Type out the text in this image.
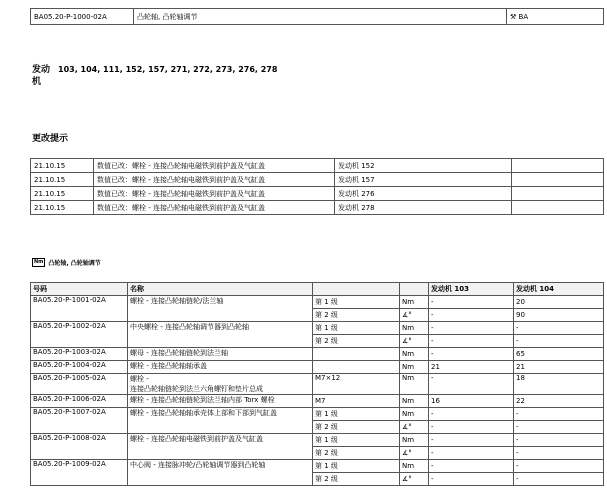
BA05.20-P-1000-02A	凸轮轴, 凸轮轴调节	⚒ BA
发动机
103, 104, 111, 152, 157, 271, 272, 273, 276, 278
更改提示
21.10.15	数值已改：螺栓 - 连接凸轮轴电磁铁到前护盖及气缸盖	发动机 152	
21.10.15	数值已改：螺栓 - 连接凸轮轴电磁铁到前护盖及气缸盖	发动机 157	
21.10.15	数值已改：螺栓 - 连接凸轮轴电磁铁到前护盖及气缸盖	发动机 276	
21.10.15	数值已改：螺栓 - 连接凸轮轴电磁铁到前护盖及气缸盖	发动机 278	
Nm 凸轮轴, 凸轮轴调节
号码	名称			发动机 103	发动机 104
BA05.20-P-1001-02A	螺栓 - 连接凸轮轴链轮/法兰轴	第 1 级	Nm	-	20
		第 2 级	∡°	-	90
BA05.20-P-1002-02A	中央螺栓 - 连接凸轮轴调节器到凸轮轴	第 1 级	Nm	-	-
		第 2 级	∡°	-	-
BA05.20-P-1003-02A	螺母 - 连接凸轮轴链轮到法兰轴		Nm	-	65
BA05.20-P-1004-02A	螺栓 - 连接凸轮轴轴承盖		Nm	21	21
BA05.20-P-1005-02A	螺栓 -
连接凸轮轴链轮到法兰六角螺钉和垫片总成	M7×12	Nm	-	18
BA05.20-P-1006-02A	螺栓 - 连接凸轮轴链轮到法兰轴内部 Torx 螺栓	M7	Nm	16	22
BA05.20-P-1007-02A	螺栓 - 连接凸轮轴轴承壳体上部和下部到气缸盖	第 1 级	Nm	-	-
		第 2 级	∡°	-	-
BA05.20-P-1008-02A	螺栓 - 连接凸轮轴电磁铁到前护盖及气缸盖	第 1 级	Nm	-	-
		第 2 级	∡°	-	-
BA05.20-P-1009-02A	中心阀 - 连接脉冲轮/凸轮轴调节器到凸轮轴	第 1 级	Nm	-	-
		第 2 级	∡°	-	-
